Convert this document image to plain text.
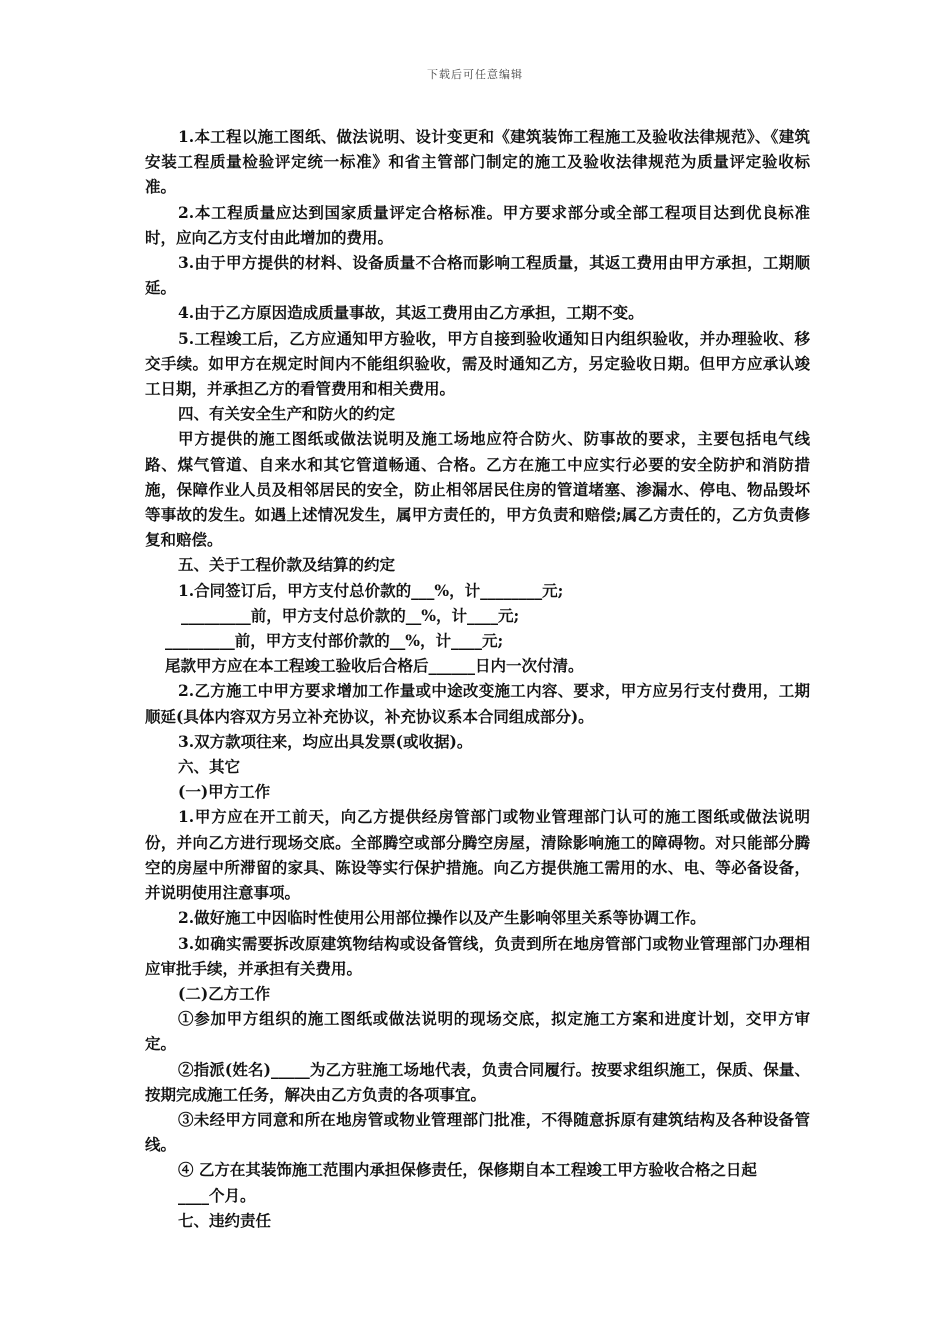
下载后可任意编辑

1.本工程以施工图纸、做法说明、设计变更和《建筑装饰工程施工及验收法律规范》、《建筑安装工程质量检验评定统一标准》和省主管部门制定的施工及验收法律规范为质量评定验收标准。

2.本工程质量应达到国家质量评定合格标准。甲方要求部分或全部工程项目达到优良标准时，应向乙方支付由此增加的费用。

3.由于甲方提供的材料、设备质量不合格而影响工程质量，其返工费用由甲方承担，工期顺延。

4.由于乙方原因造成质量事故，其返工费用由乙方承担，工期不变。

5.工程竣工后，乙方应通知甲方验收，甲方自接到验收通知日内组织验收，并办理验收、移交手续。如甲方在规定时间内不能组织验收，需及时通知乙方，另定验收日期。但甲方应承认竣工日期，并承担乙方的看管费用和相关费用。

四、有关安全生产和防火的约定

甲方提供的施工图纸或做法说明及施工场地应符合防火、防事故的要求，主要包括电气线路、煤气管道、自来水和其它管道畅通、合格。乙方在施工中应实行必要的安全防护和消防措施，保障作业人员及相邻居民的安全，防止相邻居民住房的管道堵塞、渗漏水、停电、物品毁坏等事故的发生。如遇上述情况发生，属甲方责任的，甲方负责和赔偿;属乙方责任的，乙方负责修复和赔偿。

五、关于工程价款及结算的约定

1.合同签订后，甲方支付总价款的___%，计________元;

_________前，甲方支付总价款的__%，计____元;

_________前，甲方支付部价款的__%，计____元;

尾款甲方应在本工程竣工验收后合格后______日内一次付清。

2.乙方施工中甲方要求增加工作量或中途改变施工内容、要求，甲方应另行支付费用，工期顺延(具体内容双方另立补充协议，补充协议系本合同组成部分)。

3.双方款项往来，均应出具发票(或收据)。

六、其它

(一)甲方工作

1.甲方应在开工前天，向乙方提供经房管部门或物业管理部门认可的施工图纸或做法说明份，并向乙方进行现场交底。全部腾空或部分腾空房屋，清除影响施工的障碍物。对只能部分腾空的房屋中所滞留的家具、陈设等实行保护措施。向乙方提供施工需用的水、电、等必备设备，并说明使用注意事项。

2.做好施工中因临时性使用公用部位操作以及产生影响邻里关系等协调工作。

3.如确实需要拆改原建筑物结构或设备管线，负责到所在地房管部门或物业管理部门办理相应审批手续，并承担有关费用。

(二)乙方工作

①参加甲方组织的施工图纸或做法说明的现场交底，拟定施工方案和进度计划，交甲方审定。

②指派(姓名)_____为乙方驻施工场地代表，负责合同履行。按要求组织施工，保质、保量、按期完成施工任务，解决由乙方负责的各项事宜。

③未经甲方同意和所在地房管或物业管理部门批准，不得随意拆原有建筑结构及各种设备管线。

④ 乙方在其装饰施工范围内承担保修责任，保修期自本工程竣工甲方验收合格之日起

____个月。

七、违约责任
